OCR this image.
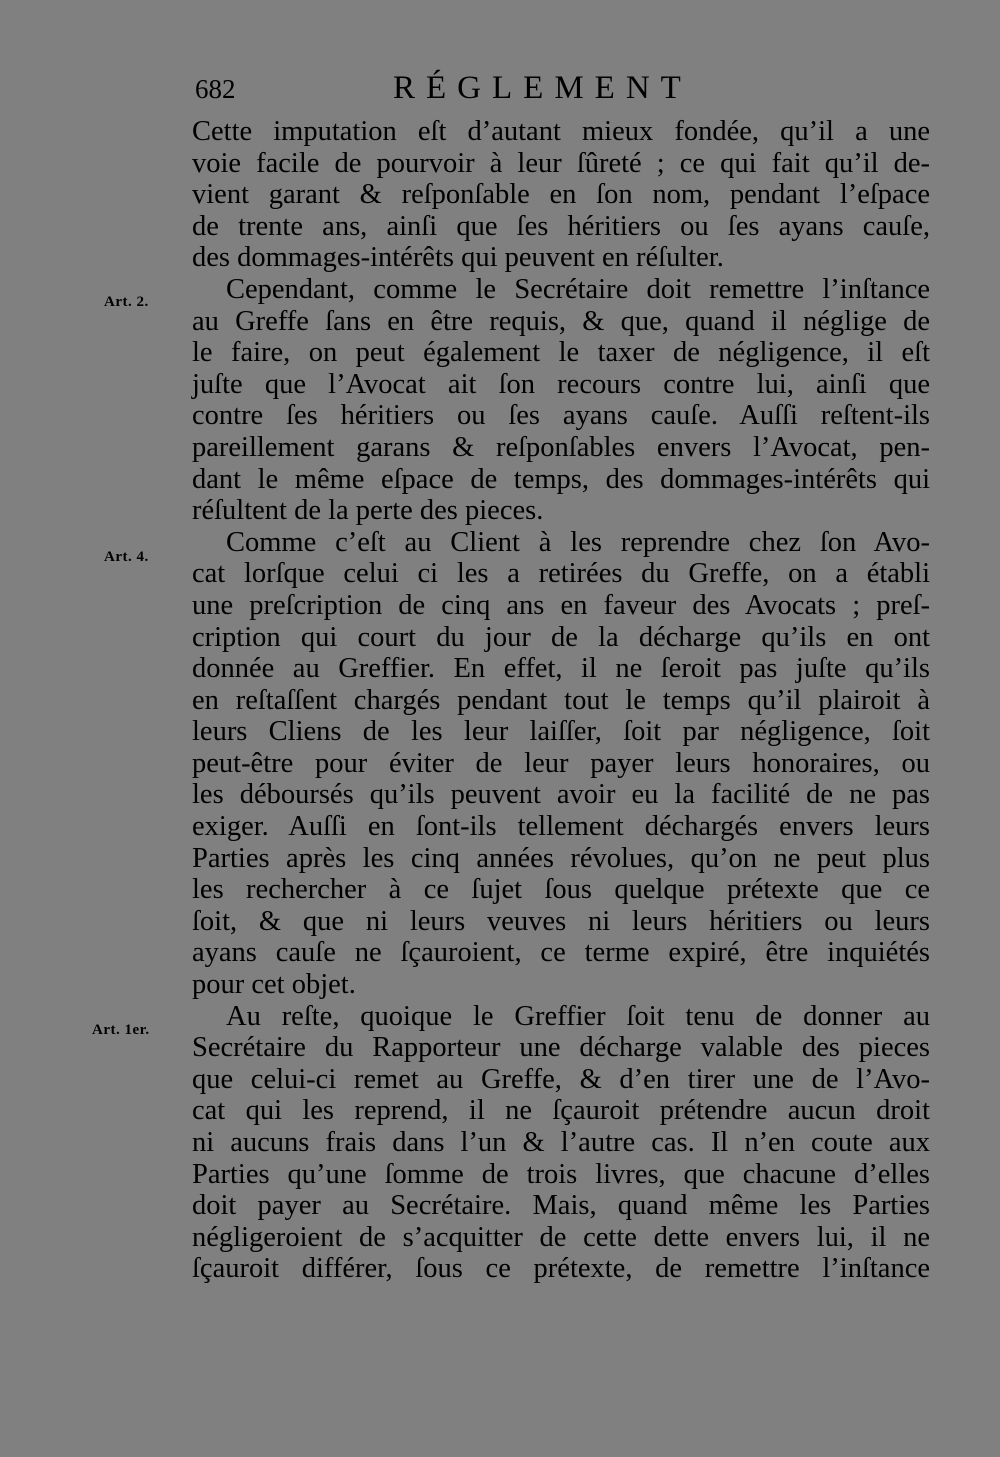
682	RÉGLEMENT
Art. 2.
Art. 4.
Art. 1er.
Cette imputation eſt d’autant mieux fondée, qu’il a une
voie facile de pourvoir à leur ſûreté ; ce qui fait qu’il de-
vient garant & reſponſable en ſon nom, pendant l’eſpace
de trente ans, ainſi que ſes héritiers ou ſes ayans cauſe,
des dommages-intérêts qui peuvent en réſulter.
Cependant, comme le Secrétaire doit remettre l’inſtance
au Greffe ſans en être requis, & que, quand il néglige de
le faire, on peut également le taxer de négligence, il eſt
juſte que l’Avocat ait ſon recours contre lui, ainſi que
contre ſes héritiers ou ſes ayans cauſe. Auſſi reſtent-ils
pareillement garans & reſponſables envers l’Avocat, pen-
dant le même eſpace de temps, des dommages-intérêts qui
réſultent de la perte des pieces.
Comme c’eſt au Client à les reprendre chez ſon Avo-
cat lorſque celui ci les a retirées du Greffe, on a établi
une preſcription de cinq ans en faveur des Avocats ; preſ-
cription qui court du jour de la décharge qu’ils en ont
donnée au Greffier. En effet, il ne ſeroit pas juſte qu’ils
en reſtaſſent chargés pendant tout le temps qu’il plairoit à
leurs Cliens de les leur laiſſer, ſoit par négligence, ſoit
peut-être pour éviter de leur payer leurs honoraires, ou
les déboursés qu’ils peuvent avoir eu la facilité de ne pas
exiger. Auſſi en ſont-ils tellement déchargés envers leurs
Parties après les cinq années révolues, qu’on ne peut plus
les rechercher à ce ſujet ſous quelque prétexte que ce
ſoit, & que ni leurs veuves ni leurs héritiers ou leurs
ayans cauſe ne ſçauroient, ce terme expiré, être inquiétés
pour cet objet.
Au reſte, quoique le Greffier ſoit tenu de donner au
Secrétaire du Rapporteur une décharge valable des pieces
que celui-ci remet au Greffe, & d’en tirer une de l’Avo-
cat qui les reprend, il ne ſçauroit prétendre aucun droit
ni aucuns frais dans l’un & l’autre cas. Il n’en coute aux
Parties qu’une ſomme de trois livres, que chacune d’elles
doit payer au Secrétaire. Mais, quand même les Parties
négligeroient de s’acquitter de cette dette envers lui, il ne
ſçauroit différer, ſous ce prétexte, de remettre l’inſtance
